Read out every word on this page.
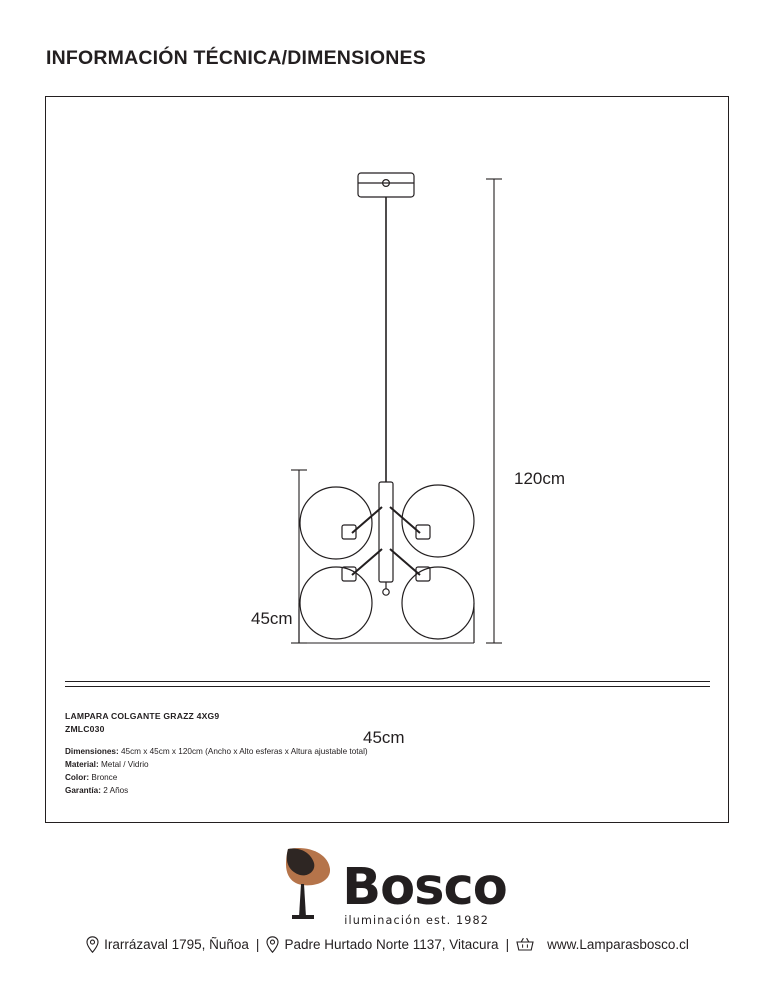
INFORMACIÓN TÉCNICA/DIMENSIONES
120cm
45cm
45cm
LAMPARA COLGANTE GRAZZ 4XG9
ZMLC030
Dimensiones: 45cm x 45cm x 120cm (Ancho x Alto esferas x Altura ajustable total)
Material: Metal / Vidrio
Color: Bronce
Garantía: 2 Años
Bosco
iluminación est. 1982
Irarrázaval 1795, Ñuñoa |	Padre Hurtado Norte 1137, Vitacura |	www.Lamparasbosco.cl
